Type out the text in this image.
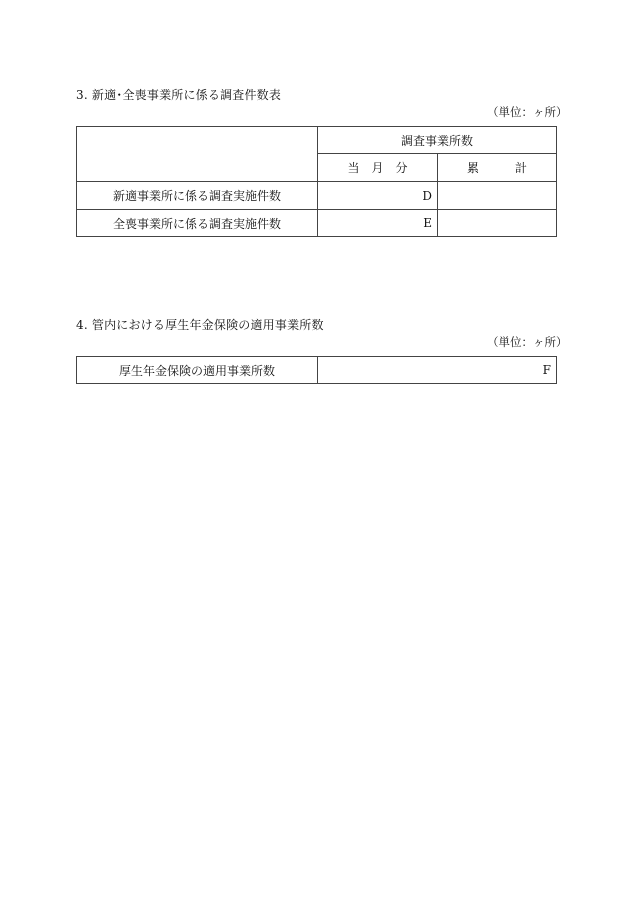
3. 新適･全喪事業所に係る調査件数表
（単位：ヶ所）
	調査事業所数	
	当　月　分	累　　　計
新適事業所に係る調査実施件数	D	
全喪事業所に係る調査実施件数	E	
4. 管内における厚生年金保険の適用事業所数
（単位：ヶ所）
厚生年金保険の適用事業所数	F
